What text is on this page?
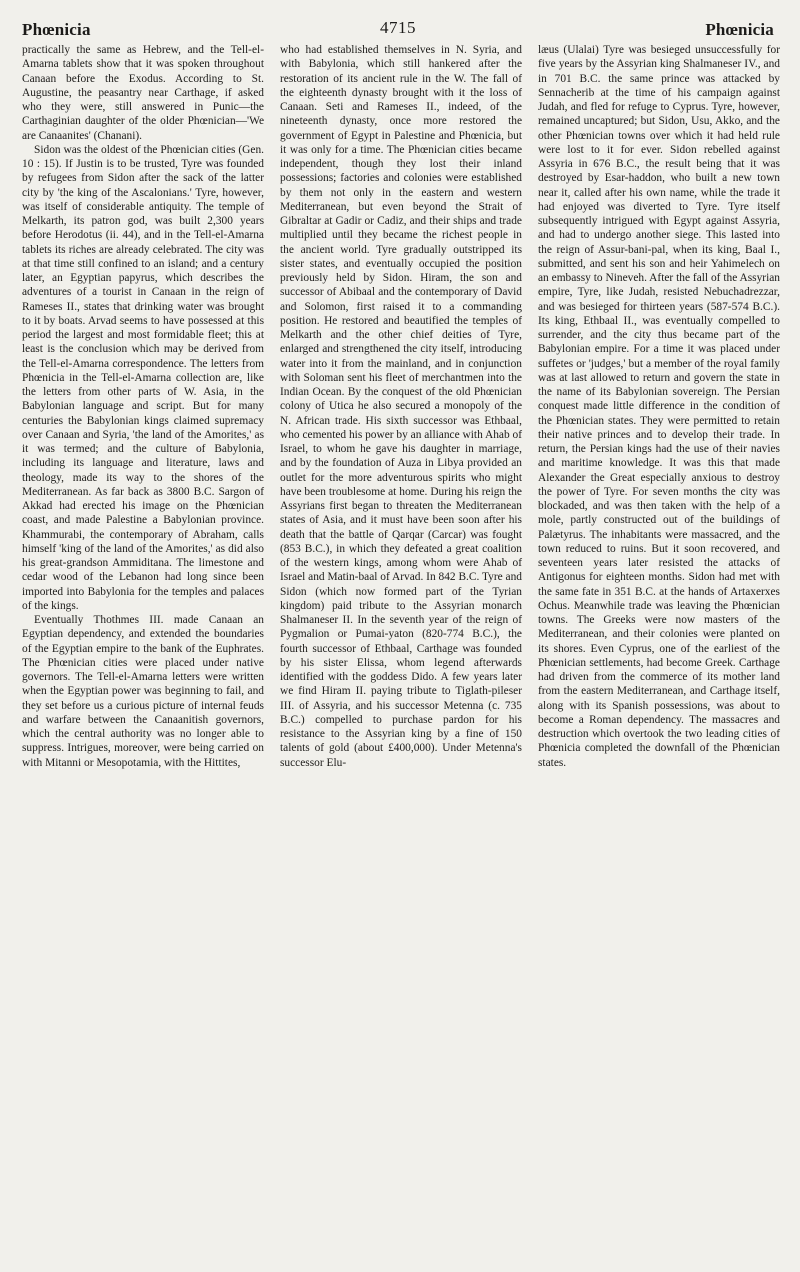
Phœnicia	4715	Phœnicia

practically the same as Hebrew, and the Tell-el-Amarna tablets show that it was spoken throughout Canaan before the Exodus. According to St. Augustine, the peasantry near Carthage, if asked who they were, still answered in Punic—the Carthaginian daughter of the older Phœnician—'We are Canaanites' (Chanani).

Sidon was the oldest of the Phœnician cities (Gen. 10 : 15). If Justin is to be trusted, Tyre was founded by refugees from Sidon after the sack of the latter city by 'the king of the Ascalonians.' Tyre, however, was itself of considerable antiquity. The temple of Melkarth, its patron god, was built 2,300 years before Herodotus (ii. 44), and in the Tell-el-Amarna tablets its riches are already celebrated. The city was at that time still confined to an island; and a century later, an Egyptian papyrus, which describes the adventures of a tourist in Canaan in the reign of Rameses II., states that drinking water was brought to it by boats. Arvad seems to have possessed at this period the largest and most formidable fleet; this at least is the conclusion which may be derived from the Tell-el-Amarna correspondence. The letters from Phœnicia in the Tell-el-Amarna collection are, like the letters from other parts of W. Asia, in the Babylonian language and script. But for many centuries the Babylonian kings claimed supremacy over Canaan and Syria, 'the land of the Amorites,' as it was termed; and the culture of Babylonia, including its language and literature, laws and theology, made its way to the shores of the Mediterranean. As far back as 3800 B.C. Sargon of Akkad had erected his image on the Phœnician coast, and made Palestine a Babylonian province. Khammurabi, the contemporary of Abraham, calls himself 'king of the land of the Amorites,' as did also his great-grandson Ammiditana. The limestone and cedar wood of the Lebanon had long since been imported into Babylonia for the temples and palaces of the kings.

Eventually Thothmes III. made Canaan an Egyptian dependency, and extended the boundaries of the Egyptian empire to the bank of the Euphrates. The Phœnician cities were placed under native governors. The Tell-el-Amarna letters were written when the Egyptian power was beginning to fail, and they set before us a curious picture of internal feuds and warfare between the Canaanitish governors, which the central authority was no longer able to suppress. Intrigues, moreover, were being carried on with Mitanni or Mesopotamia, with the Hittites,

who had established themselves in N. Syria, and with Babylonia, which still hankered after the restoration of its ancient rule in the W. The fall of the eighteenth dynasty brought with it the loss of Canaan. Seti and Rameses II., indeed, of the nineteenth dynasty, once more restored the government of Egypt in Palestine and Phœnicia, but it was only for a time. The Phœnician cities became independent, though they lost their inland possessions; factories and colonies were established by them not only in the eastern and western Mediterranean, but even beyond the Strait of Gibraltar at Gadir or Cadiz, and their ships and trade multiplied until they became the richest people in the ancient world. Tyre gradually outstripped its sister states, and eventually occupied the position previously held by Sidon. Hiram, the son and successor of Abibaal and the contemporary of David and Solomon, first raised it to a commanding position. He restored and beautified the temples of Melkarth and the other chief deities of Tyre, enlarged and strengthened the city itself, introducing water into it from the mainland, and in conjunction with Soloman sent his fleet of merchantmen into the Indian Ocean. By the conquest of the old Phœnician colony of Utica he also secured a monopoly of the N. African trade. His sixth successor was Ethbaal, who cemented his power by an alliance with Ahab of Israel, to whom he gave his daughter in marriage, and by the foundation of Auza in Libya provided an outlet for the more adventurous spirits who might have been troublesome at home. During his reign the Assyrians first began to threaten the Mediterranean states of Asia, and it must have been soon after his death that the battle of Qarqar (Carcar) was fought (853 B.C.), in which they defeated a great coalition of the western kings, among whom were Ahab of Israel and Matin-baal of Arvad. In 842 B.C. Tyre and Sidon (which now formed part of the Tyrian kingdom) paid tribute to the Assyrian monarch Shalmaneser II. In the seventh year of the reign of Pygmalion or Pumai-yaton (820-774 B.C.), the fourth successor of Ethbaal, Carthage was founded by his sister Elissa, whom legend afterwards identified with the goddess Dido. A few years later we find Hiram II. paying tribute to Tiglath-pileser III. of Assyria, and his successor Metenna (c. 735 B.C.) compelled to purchase pardon for his resistance to the Assyrian king by a fine of 150 talents of gold (about £400,000). Under Metenna's successor Elu-

læus (Ulalai) Tyre was besieged unsuccessfully for five years by the Assyrian king Shalmaneser IV., and in 701 B.C. the same prince was attacked by Sennacherib at the time of his campaign against Judah, and fled for refuge to Cyprus. Tyre, however, remained uncaptured; but Sidon, Usu, Akko, and the other Phœnician towns over which it had held rule were lost to it for ever. Sidon rebelled against Assyria in 676 B.C., the result being that it was destroyed by Esar-haddon, who built a new town near it, called after his own name, while the trade it had enjoyed was diverted to Tyre. Tyre itself subsequently intrigued with Egypt against Assyria, and had to undergo another siege. This lasted into the reign of Assur-bani-pal, when its king, Baal I., submitted, and sent his son and heir Yahimelech on an embassy to Nineveh. After the fall of the Assyrian empire, Tyre, like Judah, resisted Nebuchadrezzar, and was besieged for thirteen years (587-574 B.C.). Its king, Ethbaal II., was eventually compelled to surrender, and the city thus became part of the Babylonian empire. For a time it was placed under suffetes or 'judges,' but a member of the royal family was at last allowed to return and govern the state in the name of its Babylonian sovereign. The Persian conquest made little difference in the condition of the Phœnician states. They were permitted to retain their native princes and to develop their trade. In return, the Persian kings had the use of their navies and maritime knowledge. It was this that made Alexander the Great especially anxious to destroy the power of Tyre. For seven months the city was blockaded, and was then taken with the help of a mole, partly constructed out of the buildings of Palætyrus. The inhabitants were massacred, and the town reduced to ruins. But it soon recovered, and seventeen years later resisted the attacks of Antigonus for eighteen months. Sidon had met with the same fate in 351 B.C. at the hands of Artaxerxes Ochus. Meanwhile trade was leaving the Phœnician towns. The Greeks were now masters of the Mediterranean, and their colonies were planted on its shores. Even Cyprus, one of the earliest of the Phœnician settlements, had become Greek. Carthage had driven from the commerce of its mother land from the eastern Mediterranean, and Carthage itself, along with its Spanish possessions, was about to become a Roman dependency. The massacres and destruction which overtook the two leading cities of Phœnicia completed the downfall of the Phœnician states.
